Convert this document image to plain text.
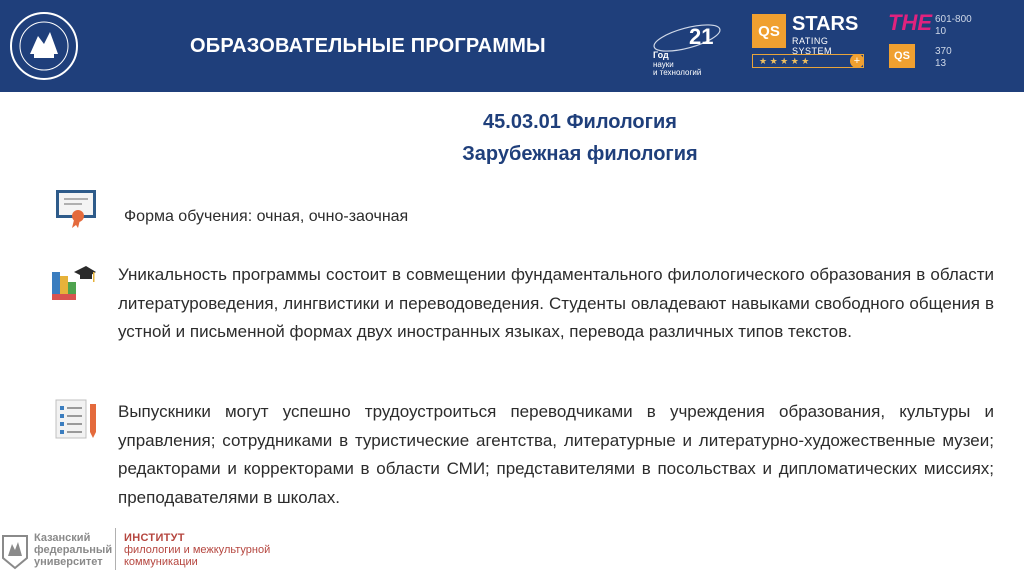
ОБРАЗОВАТЕЛЬНЫЕ ПРОГРАММЫ	21
Год
науки
и технологий
QS STARS
RATING SYSTEM
★ ★ ★ ★ ★	+
THE
QS
601-800
10
370
13
45.03.01 Филология
Зарубежная филология
Форма обучения: очная, очно-заочная
Уникальность программы состоит в совмещении фундаментального филологического образования в области литературоведения, лингвистики и переводоведения. Студенты овладевают навыками свободного общения в устной и письменной формах двух иностранных языках, перевода различных типов текстов.
Выпускники могут успешно трудоустроиться переводчиками в учреждения образования, культуры и управления; сотрудниками в туристические агентства, литературные и литературно-художественные музеи; редакторами и корректорами в области СМИ; представителями в посольствах и дипломатических миссиях; преподавателями в школах.
Казанский
федеральный
университет
ИНСТИТУТ
филологии и межкультурной
коммуникации
